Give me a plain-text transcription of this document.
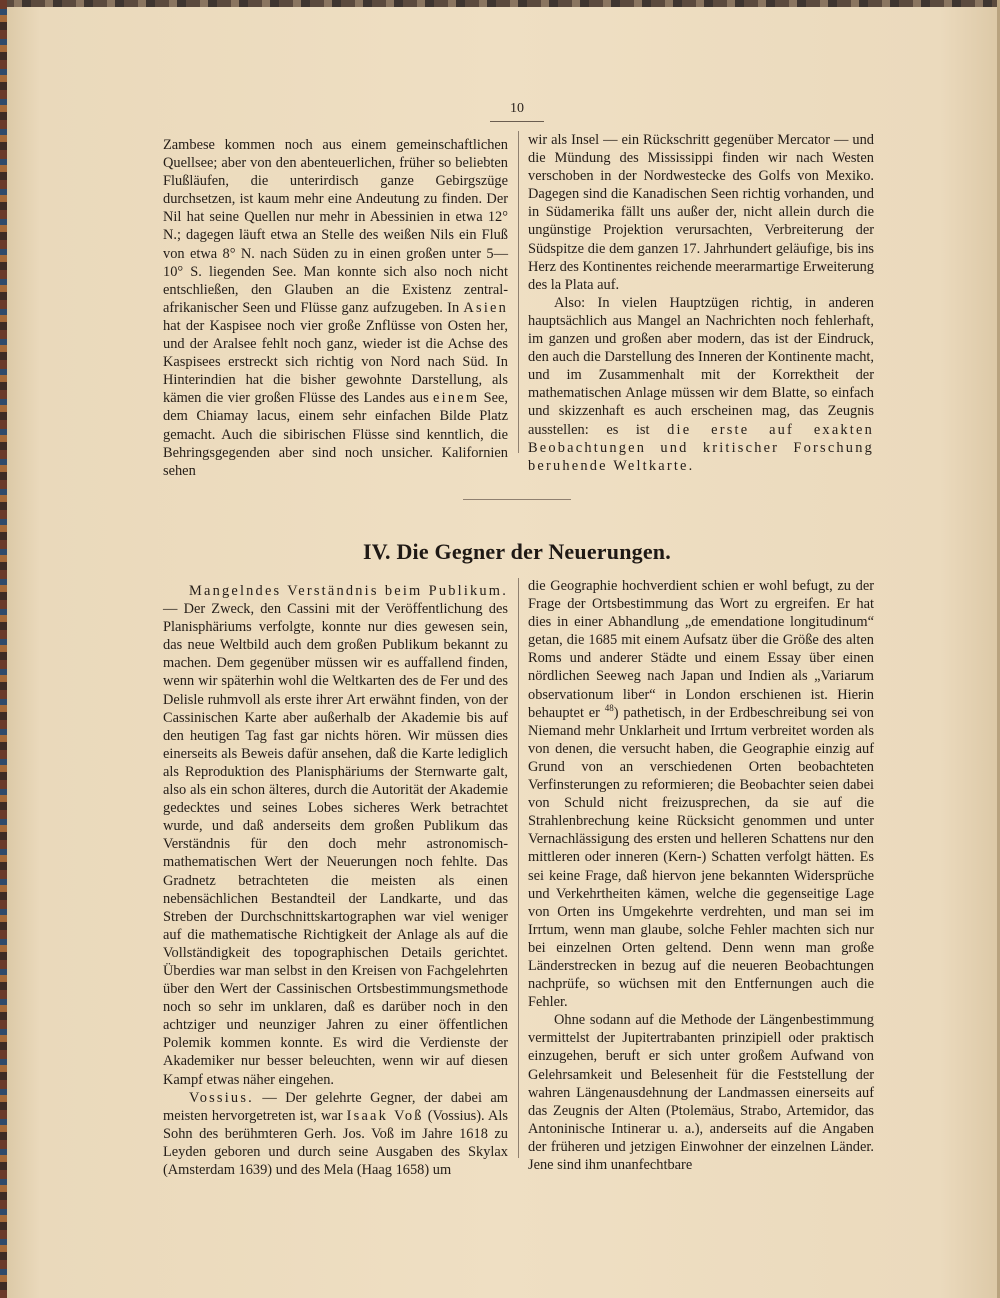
10

Zambese kommen noch aus einem gemeinschaftlichen Quellsee; aber von den abenteuerlichen, früher so beliebten Flußläufen, die unterirdisch ganze Gebirgszüge durchsetzen, ist kaum mehr eine Andeutung zu finden. Der Nil hat seine Quellen nur mehr in Abessinien in etwa 12° N.; dagegen läuft etwa an Stelle des weißen Nils ein Fluß von etwa 8° N. nach Süden zu in einen großen unter 5—10° S. liegenden See. Man konnte sich also noch nicht entschließen, den Glauben an die Existenz zentral-afrikanischer Seen und Flüsse ganz aufzugeben. In Asien hat der Kaspisee noch vier große Znflüsse von Osten her, und der Aralsee fehlt noch ganz, wieder ist die Achse des Kaspisees erstreckt sich richtig von Nord nach Süd. In Hinterindien hat die bisher gewohnte Darstellung, als kämen die vier großen Flüsse des Landes aus einem See, dem Chiamay lacus, einem sehr einfachen Bilde Platz gemacht. Auch die sibirischen Flüsse sind kenntlich, die Behringsgegenden aber sind noch unsicher. Kalifornien sehen

wir als Insel — ein Rückschritt gegenüber Mercator — und die Mündung des Mississippi finden wir nach Westen verschoben in der Nordwestecke des Golfs von Mexiko. Dagegen sind die Kanadischen Seen richtig vorhanden, und in Südamerika fällt uns außer der, nicht allein durch die ungünstige Projektion verursachten, Verbreiterung der Südspitze die dem ganzen 17. Jahrhundert geläufige, bis ins Herz des Kontinentes reichende meerarmartige Erweiterung des la Plata auf.

Also: In vielen Hauptzügen richtig, in anderen hauptsächlich aus Mangel an Nachrichten noch fehlerhaft, im ganzen und großen aber modern, das ist der Eindruck, den auch die Darstellung des Inneren der Kontinente macht, und im Zusammenhalt mit der Korrektheit der mathematischen Anlage müssen wir dem Blatte, so einfach und skizzenhaft es auch erscheinen mag, das Zeugnis ausstellen: es ist die erste auf exakten Beobachtungen und kritischer Forschung beruhende Weltkarte.

IV. Die Gegner der Neuerungen.

Mangelndes Verständnis beim Publikum. — Der Zweck, den Cassini mit der Veröffentlichung des Planisphäriums verfolgte, konnte nur dies gewesen sein, das neue Weltbild auch dem großen Publikum bekannt zu machen. Dem gegenüber müssen wir es auffallend finden, wenn wir späterhin wohl die Weltkarten des de Fer und des Delisle ruhmvoll als erste ihrer Art erwähnt finden, von der Cassinischen Karte aber außerhalb der Akademie bis auf den heutigen Tag fast gar nichts hören. Wir müssen dies einerseits als Beweis dafür ansehen, daß die Karte lediglich als Reproduktion des Planisphäriums der Sternwarte galt, also als ein schon älteres, durch die Autorität der Akademie gedecktes und seines Lobes sicheres Werk betrachtet wurde, und daß anderseits dem großen Publikum das Verständnis für den doch mehr astronomisch-mathematischen Wert der Neuerungen noch fehlte. Das Gradnetz betrachteten die meisten als einen nebensächlichen Bestandteil der Landkarte, und das Streben der Durchschnittskartographen war viel weniger auf die mathematische Richtigkeit der Anlage als auf die Vollständigkeit des topographischen Details gerichtet. Überdies war man selbst in den Kreisen von Fachgelehrten über den Wert der Cassinischen Ortsbestimmungsmethode noch so sehr im unklaren, daß es darüber noch in den achtziger und neunziger Jahren zu einer öffentlichen Polemik kommen konnte. Es wird die Verdienste der Akademiker nur besser beleuchten, wenn wir auf diesen Kampf etwas näher eingehen.

Vossius. — Der gelehrte Gegner, der dabei am meisten hervorgetreten ist, war Isaak Voß (Vossius). Als Sohn des berühmteren Gerh. Jos. Voß im Jahre 1618 zu Leyden geboren und durch seine Ausgaben des Skylax (Amsterdam 1639) und des Mela (Haag 1658) um

die Geographie hochverdient schien er wohl befugt, zu der Frage der Ortsbestimmung das Wort zu ergreifen. Er hat dies in einer Abhandlung „de emendatione longitudinum“ getan, die 1685 mit einem Aufsatz über die Größe des alten Roms und anderer Städte und einem Essay über einen nördlichen Seeweg nach Japan und Indien als „Variarum observationum liber“ in London erschienen ist. Hierin behauptet er $^{48}$) pathetisch, in der Erdbeschreibung sei von Niemand mehr Unklarheit und Irrtum verbreitet worden als von denen, die versucht haben, die Geographie einzig auf Grund von an verschiedenen Orten beobachteten Verfinsterungen zu reformieren; die Beobachter seien dabei von Schuld nicht freizusprechen, da sie auf die Strahlenbrechung keine Rücksicht genommen und unter Vernachlässigung des ersten und helleren Schattens nur den mittleren oder inneren (Kern-) Schatten verfolgt hätten. Es sei keine Frage, daß hiervon jene bekannten Widersprüche und Verkehrtheiten kämen, welche die gegenseitige Lage von Orten ins Umgekehrte verdrehten, und man sei im Irrtum, wenn man glaube, solche Fehler machten sich nur bei einzelnen Orten geltend. Denn wenn man große Länderstrecken in bezug auf die neueren Beobachtungen nachprüfe, so wüchsen mit den Entfernungen auch die Fehler.

Ohne sodann auf die Methode der Längenbestimmung vermittelst der Jupitertrabanten prinzipiell oder praktisch einzugehen, beruft er sich unter großem Aufwand von Gelehrsamkeit und Belesenheit für die Feststellung der wahren Längenausdehnung der Landmassen einerseits auf das Zeugnis der Alten (Ptolemäus, Strabo, Artemidor, das Antoninische Intinerar u. a.), anderseits auf die Angaben der früheren und jetzigen Einwohner der einzelnen Länder. Jene sind ihm unanfechtbare
